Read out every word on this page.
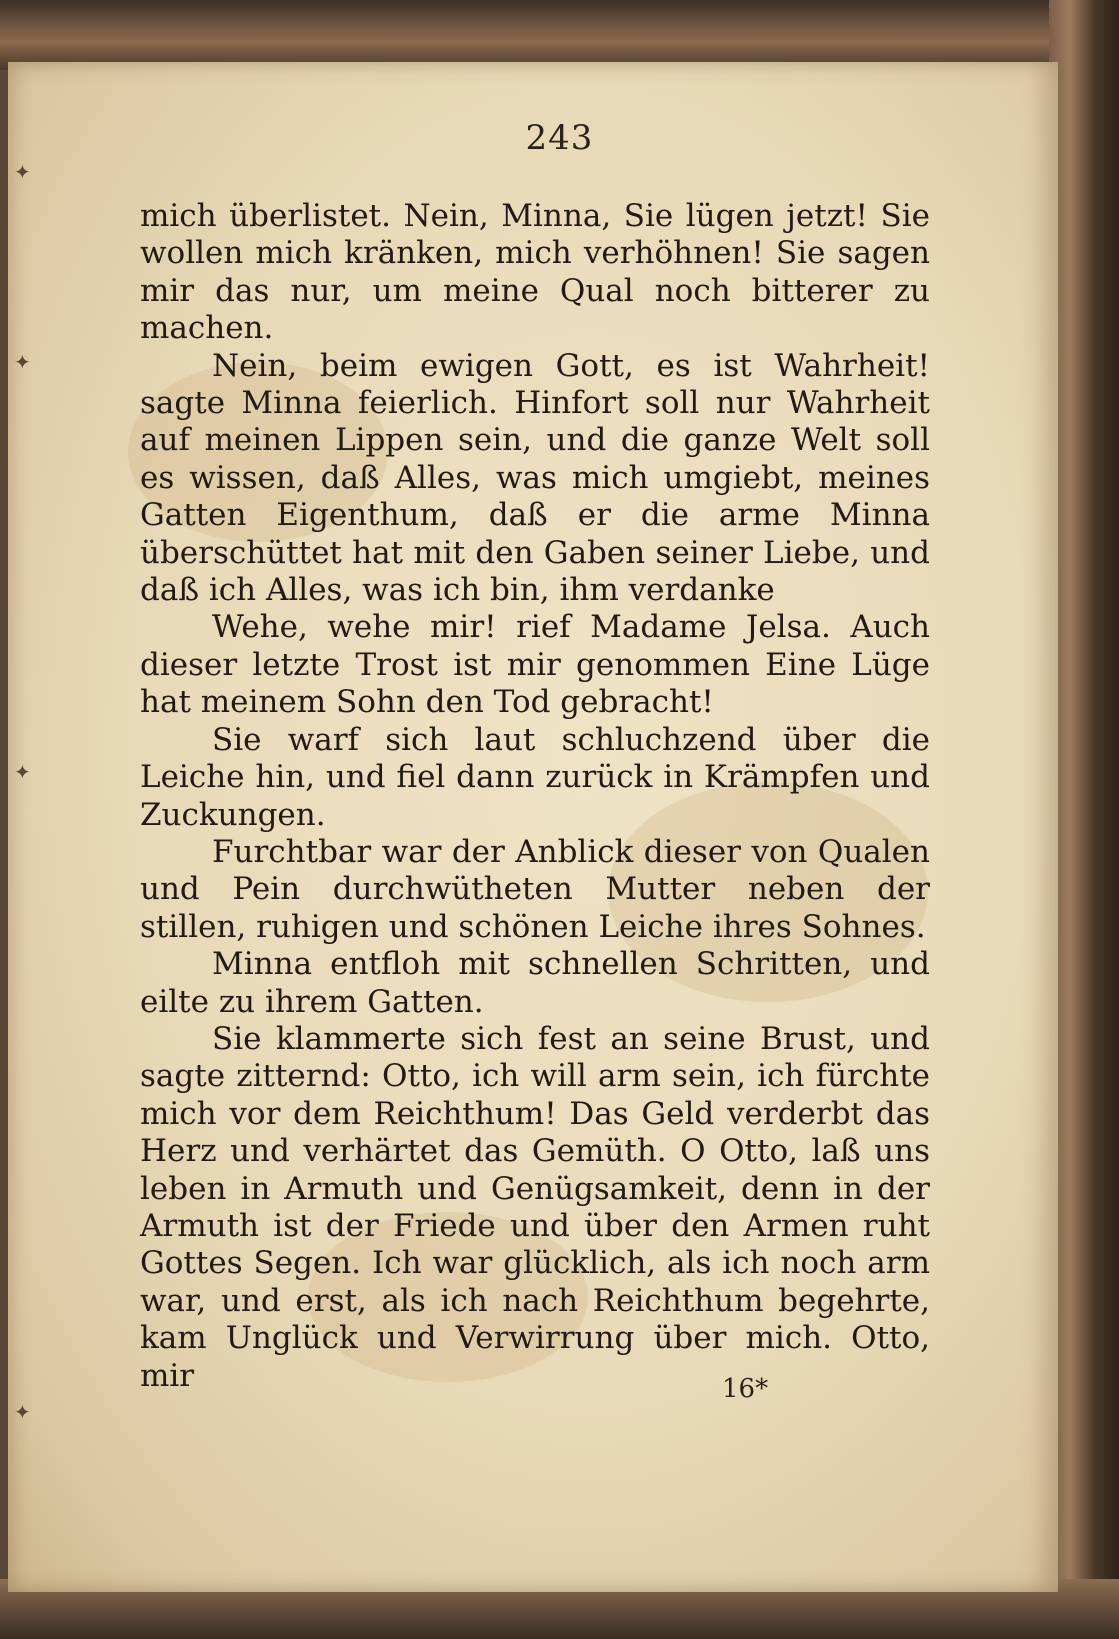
✦
✦
✦
✦
243

mich überlistet. Nein, Minna, Sie lügen jetzt! Sie wollen mich kränken, mich verhöhnen! Sie sagen mir das nur, um meine Qual noch bitterer zu machen.

Nein, beim ewigen Gott, es ist Wahrheit! sagte Minna feierlich. Hinfort soll nur Wahrheit auf meinen Lippen sein, und die ganze Welt soll es wissen, daß Alles, was mich umgiebt, meines Gatten Eigenthum, daß er die arme Minna überschüttet hat mit den Gaben seiner Liebe, und daß ich Alles, was ich bin, ihm verdanke

Wehe, wehe mir! rief Madame Jelsa. Auch dieser letzte Trost ist mir genommen Eine Lüge hat meinem Sohn den Tod gebracht!

Sie warf sich laut schluchzend über die Leiche hin, und fiel dann zurück in Krämpfen und Zuckungen.

Furchtbar war der Anblick dieser von Qualen und Pein durchwütheten Mutter neben der stillen, ruhigen und schönen Leiche ihres Sohnes.

Minna entfloh mit schnellen Schritten, und eilte zu ihrem Gatten.

Sie klammerte sich fest an seine Brust, und sagte zitternd: Otto, ich will arm sein, ich fürchte mich vor dem Reichthum! Das Geld verderbt das Herz und verhärtet das Gemüth. O Otto, laß uns leben in Armuth und Genügsamkeit, denn in der Armuth ist der Friede und über den Armen ruht Gottes Segen. Ich war glücklich, als ich noch arm war, und erst, als ich nach Reichthum begehrte, kam Unglück und Verwirrung über mich. Otto, mir	16*
